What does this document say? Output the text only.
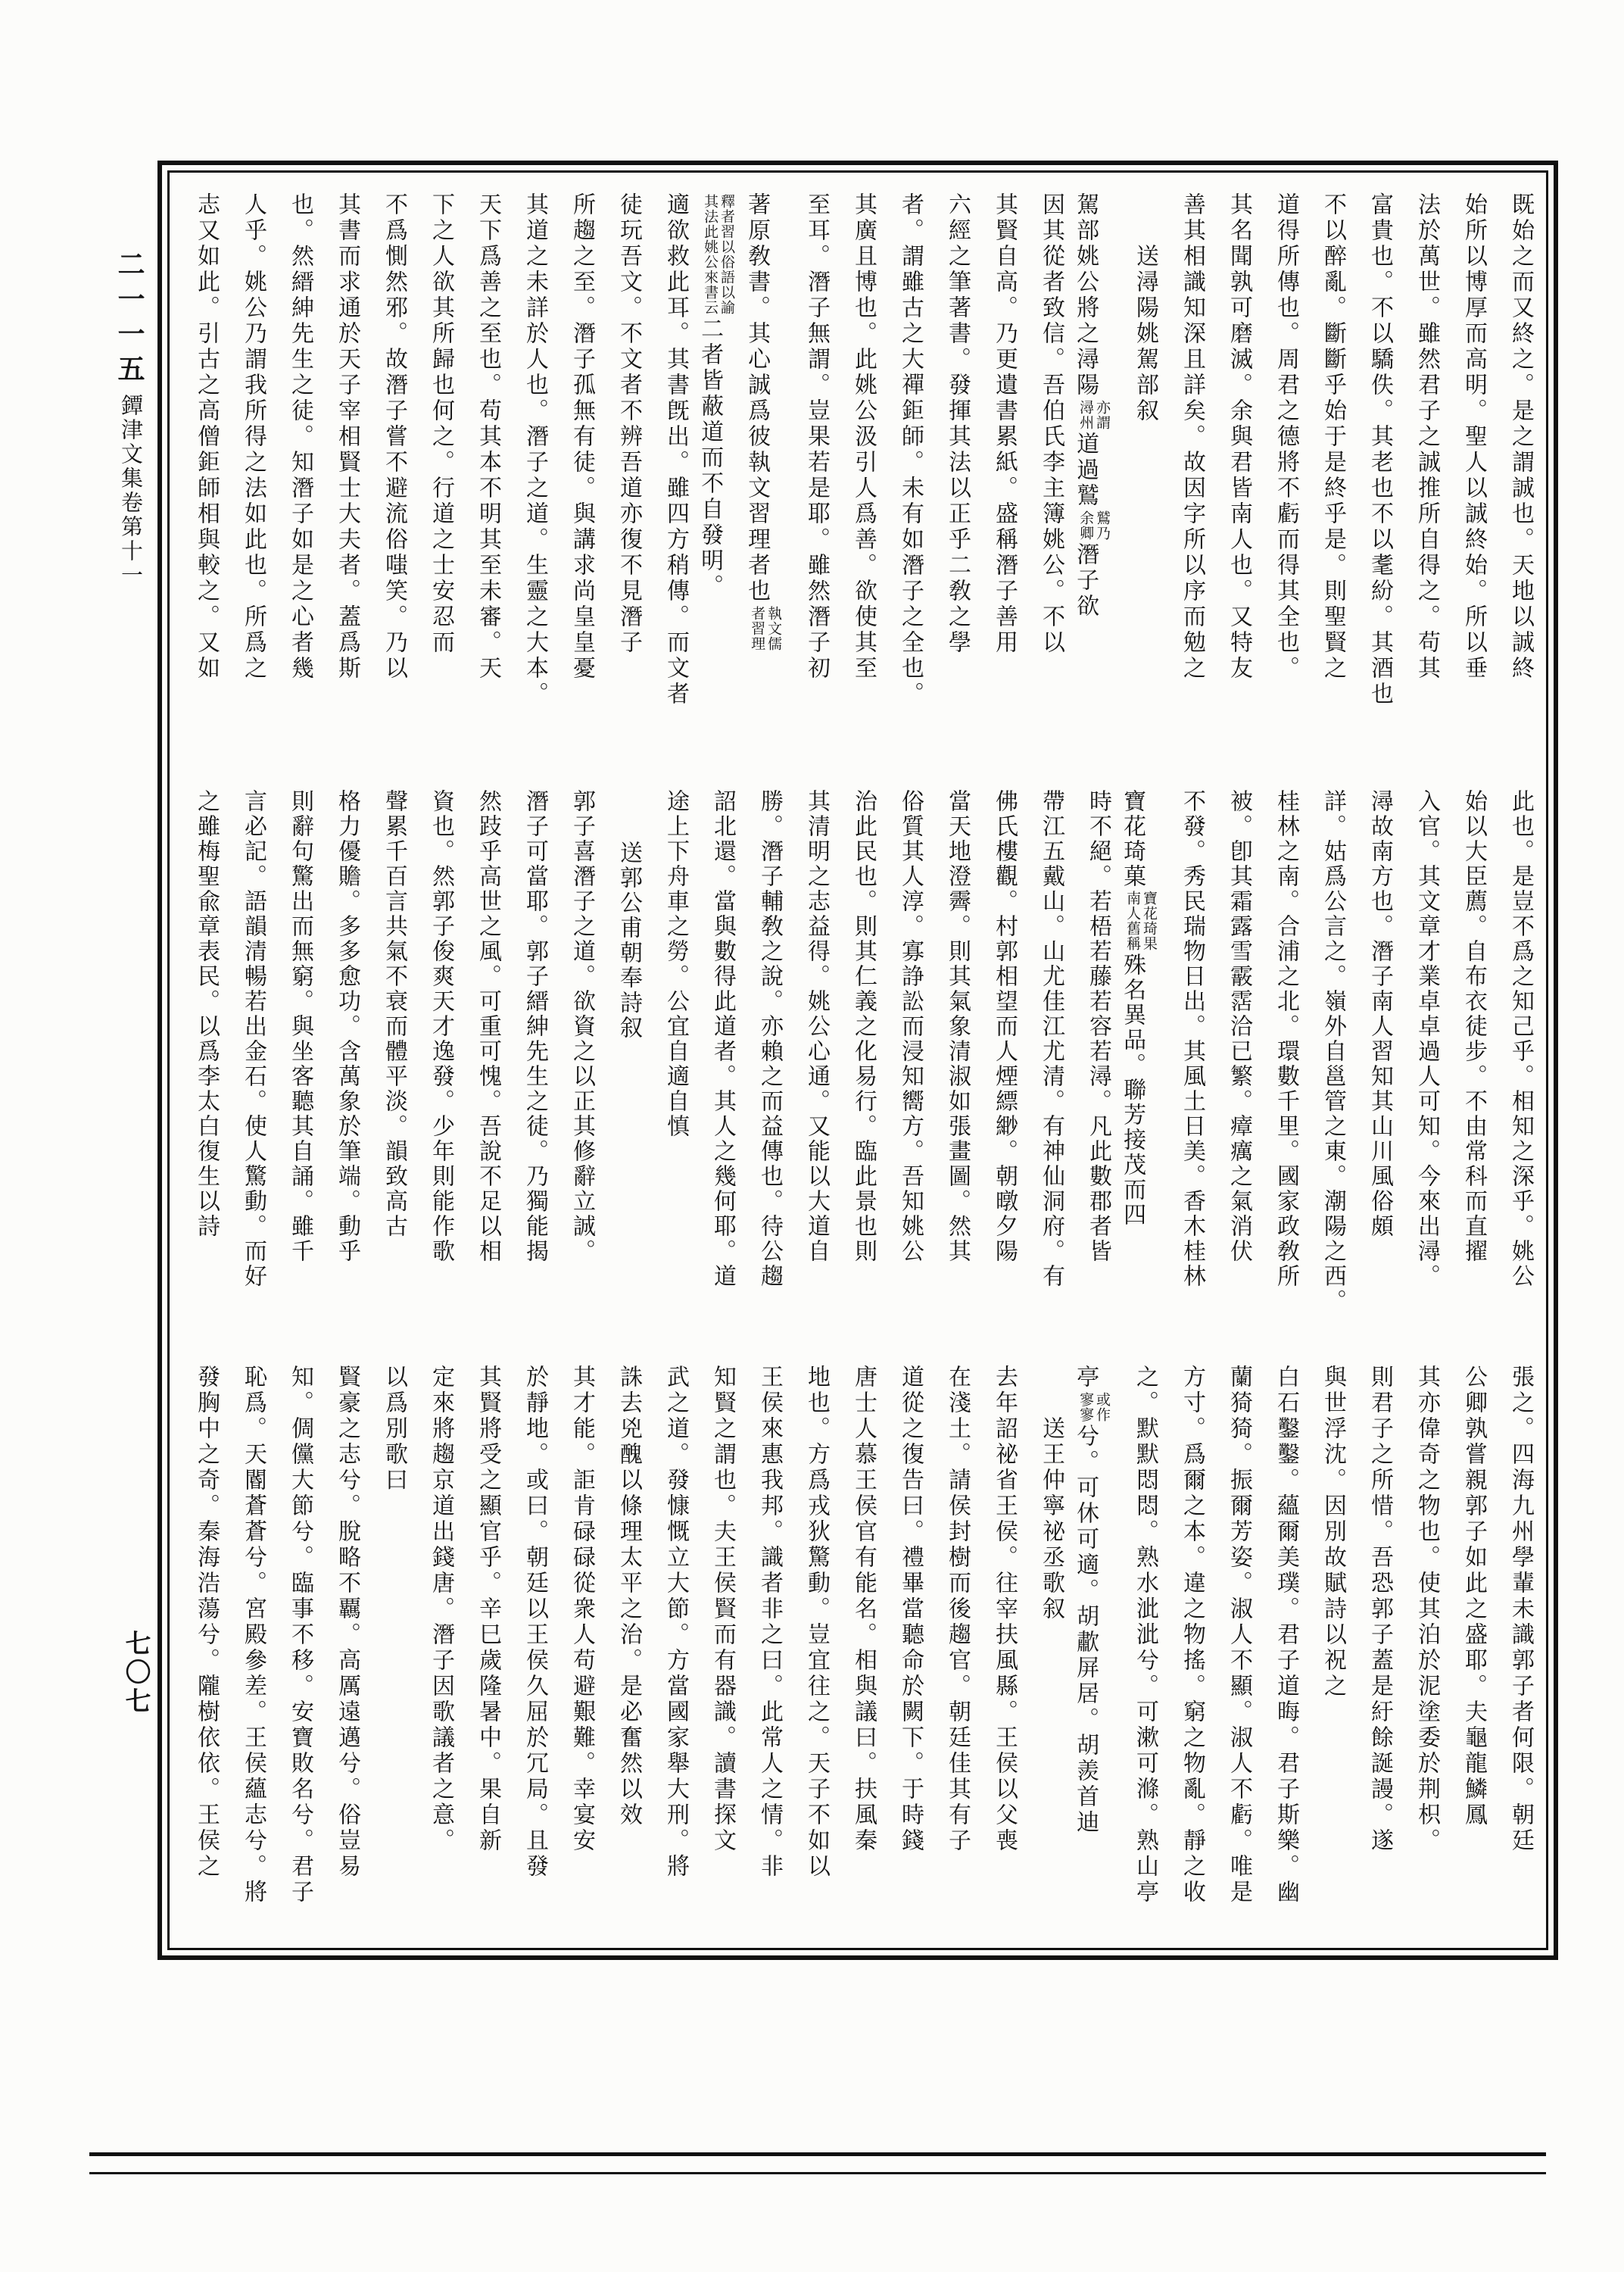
二一一五
鐔津文集卷第十一
七〇七
既始之而又終之。是之謂誠也。天地以誠終
始所以博厚而高明。聖人以誠終始。所以垂
法於萬世。雖然君子之誠推所自得之。苟其
富貴也。不以驕佚。其老也不以耄紛。其酒也
不以醉亂。斷斷乎始于是終乎是。則聖賢之
道得所傳也。周君之德將不虧而得其全也。
其名聞孰可磨滅。余與君皆南人也。又特友
善其相識知深且詳矣。故因字所以序而勉之
送潯陽姚駕部叙
駕部姚公將之潯陽
亦謂
潯州
道過鷲
鷲乃
余卿
潛子欲
因其從者致信。吾伯氏李主簿姚公。不以
其賢自高。乃更遺書累紙。盛稱潛子善用
六經之筆著書。發揮其法以正乎二敎之學
者。謂雖古之大禪鉅師。未有如潛子之全也。
其廣且博也。此姚公汲引人爲善。欲使其至
至耳。潛子無謂。豈果若是耶。雖然潛子初
著原敎書。其心誠爲彼執文習理者也
執文儒
者習理
釋者習以俗語以諭
其法此姚公來書云
二者皆蔽道而不自發明。
適欲救此耳。其書旣出。雖四方稍傳。而文者
徒玩吾文。不文者不辨吾道亦復不見潛子
所趨之至。潛子孤無有徒。與講求尚皇皇憂
其道之未詳於人也。潛子之道。生靈之大本。
天下爲善之至也。苟其本不明其至未審。天
下之人欲其所歸也何之。行道之士安忍而
不爲惻然邪。故潛子嘗不避流俗嗤笑。乃以
其書而求通於天子宰相賢士大夫者。蓋爲斯
也。然縉紳先生之徒。知潛子如是之心者幾
人乎。姚公乃謂我所得之法如此也。所爲之
志又如此。引古之高僧鉅師相與較之。又如
此也。是豈不爲之知己乎。相知之深乎。姚公
始以大臣薦。自布衣徒步。不由常科而直擢
入官。其文章才業卓卓過人可知。今來出潯。
潯故南方也。潛子南人習知其山川風俗頗
詳。姑爲公言之。嶺外自邕管之東。潮陽之西。
桂林之南。合浦之北。環數千里。國家政敎所
被。卽其霜露雪霰霑洽已繁。瘴癘之氣消伏
不發。秀民瑞物日出。其風土日美。香木桂林
寶花琦菓
寶花琦果
南人舊稱
殊名異品。聯芳接茂而四
時不絕。若梧若藤若容若潯。凡此數郡者皆
帶江五戴山。山尤佳江尤清。有神仙洞府。有
佛氏樓觀。村郭相望而人煙縹緲。朝暾夕陽
當天地澄霽。則其氣象清淑如張畫圖。然其
俗質其人淳。寡諍訟而浸知嚮方。吾知姚公
治此民也。則其仁義之化易行。臨此景也則
其清明之志益得。姚公心通。又能以大道自
勝。潛子輔敎之說。亦賴之而益傳也。待公趨
詔北還。當與數得此道者。其人之幾何耶。道
途上下舟車之勞。公宜自適自慎
送郭公甫朝奉詩叙
郭子喜潛子之道。欲資之以正其修辭立誠。
潛子可當耶。郭子縉紳先生之徒。乃獨能揭
然跂乎高世之風。可重可愧。吾說不足以相
資也。然郭子俊爽天才逸發。少年則能作歌
聲累千百言共氣不衰而體平淡。韻致高古
格力優贍。多多愈功。含萬象於筆端。動乎
則辭句驚出而無窮。與坐客聽其自誦。雖千
言必記。語韻清暢若出金石。使人驚動。而好
之雖梅聖兪章表民。以爲李太白復生以詩
張之。四海九州學輩未識郭子者何限。朝廷
公卿孰嘗親郭子如此之盛耶。夫龜龍鱗鳳
其亦偉奇之物也。使其泊於泥塗委於荆枳。
則君子之所惜。吾恐郭子蓋是紆餘誕謾。遂
與世浮沈。因別故賦詩以祝之
白石鑿鑿。蘊爾美璞。君子道晦。君子斯樂。幽
蘭猗猗。振爾芳姿。淑人不顯。淑人不虧。唯是
方寸。爲爾之本。違之物搖。窮之物亂。靜之收
之。默默悶悶。熟水泚泚兮。可漱可滌。熟山亭
亭
或作
寥寥
兮。可休可適。胡歗屏居。胡羨首迪
送王仲寧祕丞歌叙
去年詔祕省王侯。往宰扶風縣。王侯以父喪
在淺土。請侯封樹而後趨官。朝廷佳其有子
道從之復告曰。禮畢當聽命於闕下。于時錢
唐士人慕王侯官有能名。相與議曰。扶風秦
地也。方爲戎狄驚動。豈宜往之。天子不如以
王侯來惠我邦。識者非之曰。此常人之情。非
知賢之謂也。夫王侯賢而有器識。讀書探文
武之道。發慷慨立大節。方當國家舉大刑。將
誅去兇醜以條理太平之治。是必奮然以效
其才能。詎肯碌碌從衆人苟避艱難。幸宴安
於靜地。或曰。朝廷以王侯久屈於冗局。且發
其賢將受之顯官乎。辛巳歲隆暑中。果自新
定來將趨京道出錢唐。潛子因歌議者之意。
以爲別歌曰
賢豪之志兮。脫略不覊。高厲遠邁兮。俗豈易
知。倜儻大節兮。臨事不移。安寶敗名兮。君子
恥爲。天閽蒼蒼兮。宮殿參差。王侯蘊志兮。將
發胸中之奇。秦海浩蕩兮。隴樹依依。王侯之
